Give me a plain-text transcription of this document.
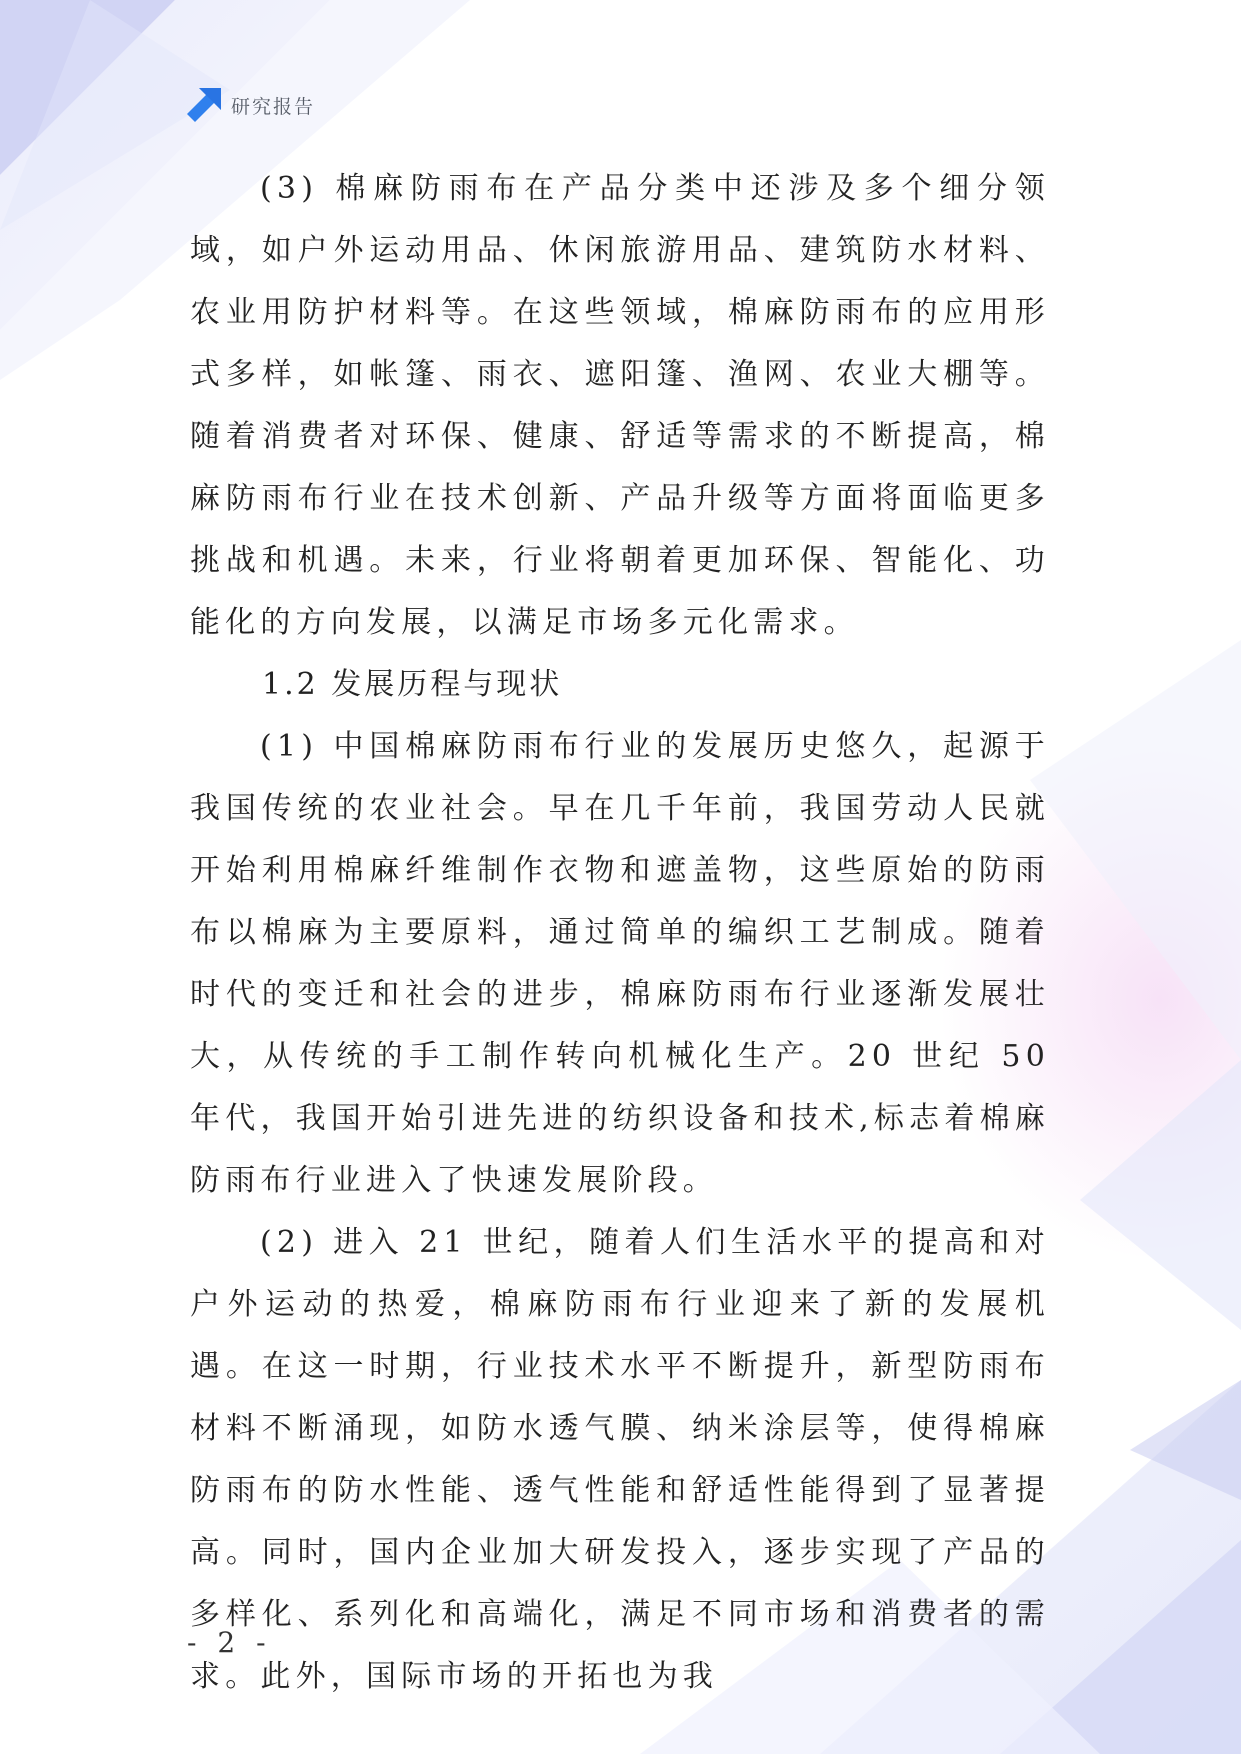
研究报告

(3) 棉麻防雨布在产品分类中还涉及多个细分领域，如户外运动用品、休闲旅游用品、建筑防水材料、农业用防护材料等。在这些领域，棉麻防雨布的应用形式多样，如帐篷、雨衣、遮阳篷、渔网、农业大棚等。随着消费者对环保、健康、舒适等需求的不断提高，棉麻防雨布行业在技术创新、产品升级等方面将面临更多挑战和机遇。未来，行业将朝着更加环保、智能化、功能化的方向发展，以满足市场多元化需求。

1.2 发展历程与现状

(1) 中国棉麻防雨布行业的发展历史悠久，起源于我国传统的农业社会。早在几千年前，我国劳动人民就开始利用棉麻纤维制作衣物和遮盖物，这些原始的防雨布以棉麻为主要原料，通过简单的编织工艺制成。随着时代的变迁和社会的进步，棉麻防雨布行业逐渐发展壮大，从传统的手工制作转向机械化生产。20 世纪 50 年代，我国开始引进先进的纺织设备和技术,标志着棉麻防雨布行业进入了快速发展阶段。

(2) 进入 21 世纪，随着人们生活水平的提高和对户外运动的热爱，棉麻防雨布行业迎来了新的发展机遇。在这一时期，行业技术水平不断提升，新型防雨布材料不断涌现，如防水透气膜、纳米涂层等，使得棉麻防雨布的防水性能、透气性能和舒适性能得到了显著提高。同时，国内企业加大研发投入，逐步实现了产品的多样化、系列化和高端化，满足不同市场和消费者的需求。此外，国际市场的开拓也为我

- 2 -
